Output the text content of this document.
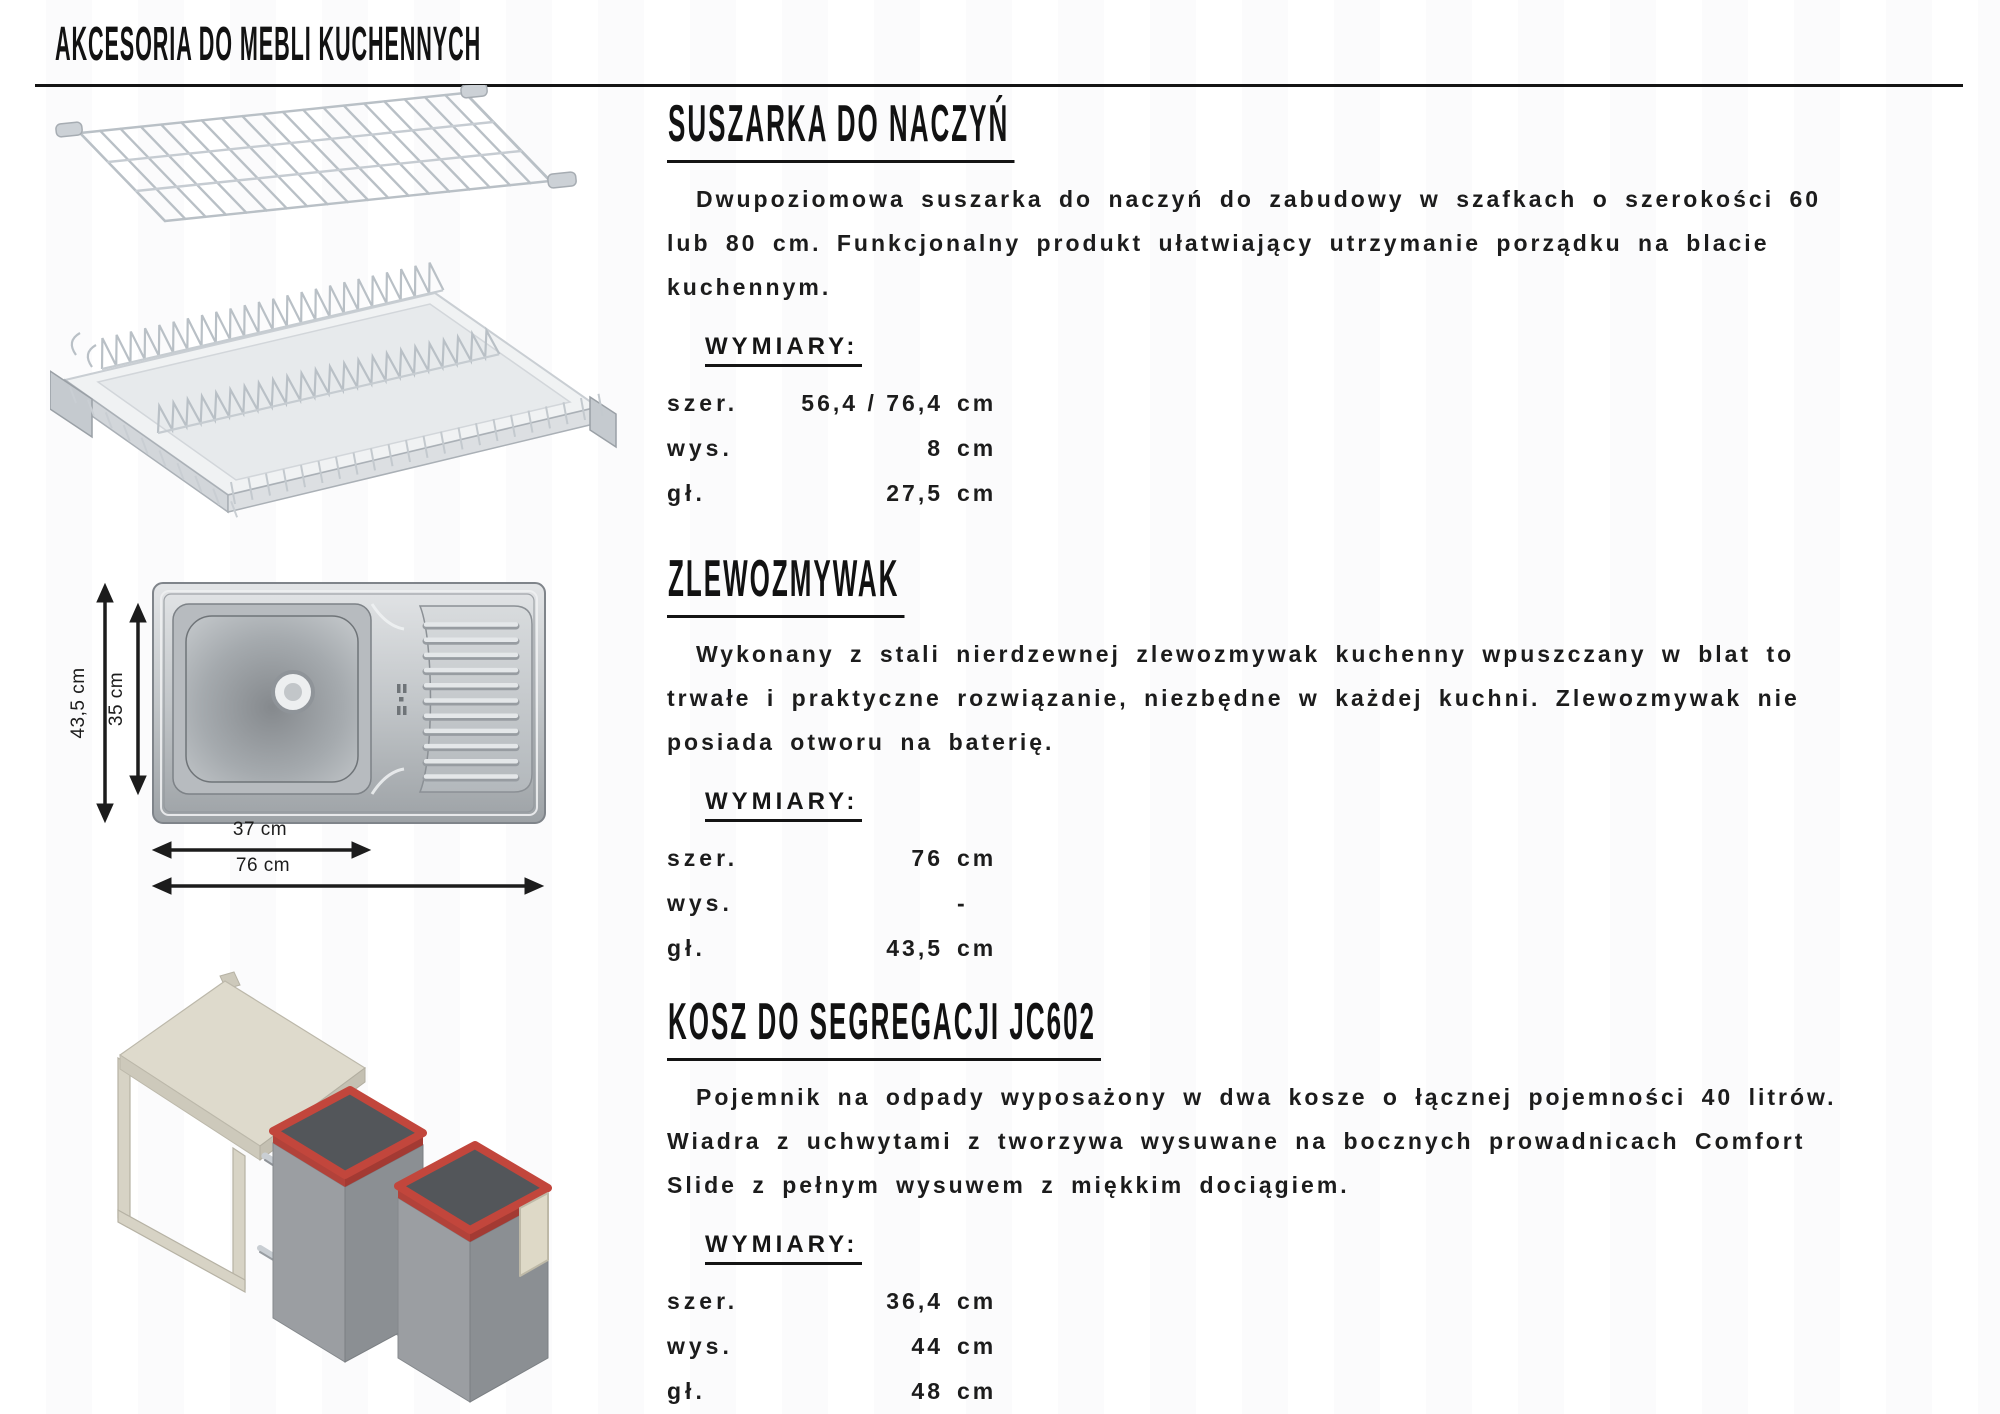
AKCESORIA DO MEBLI KUCHENNYCH
SUSZARKA DO NACZYŃ
Dwupoziomowa suszarka do naczyń do zabudowy w szafkach o szerokości 60
lub 80 cm. Funkcjonalny produkt ułatwiający utrzymanie porządku na blacie
kuchennym.
WYMIARY:
szer.	56,4 / 76,4 cm
wys.	8 cm
gł.	27,5 cm
43,5 cm 35 cm
37 cm
76 cm
ZLEWOZMYWAK
Wykonany z stali nierdzewnej zlewozmywak kuchenny wpuszczany w blat to
trwałe i praktyczne rozwiązanie, niezbędne w każdej kuchni. Zlewozmywak nie
posiada otworu na baterię.
WYMIARY:
szer.	76 cm
wys.	-
gł.	43,5 cm
KOSZ DO SEGREGACJI JC602
Pojemnik na odpady wyposażony w dwa kosze o łącznej pojemności 40 litrów.
Wiadra z uchwytami z tworzywa wysuwane na bocznych prowadnicach Comfort
Slide z pełnym wysuwem z miękkim dociągiem.
WYMIARY:
szer.	36,4 cm
wys.	44 cm
gł.	48 cm
